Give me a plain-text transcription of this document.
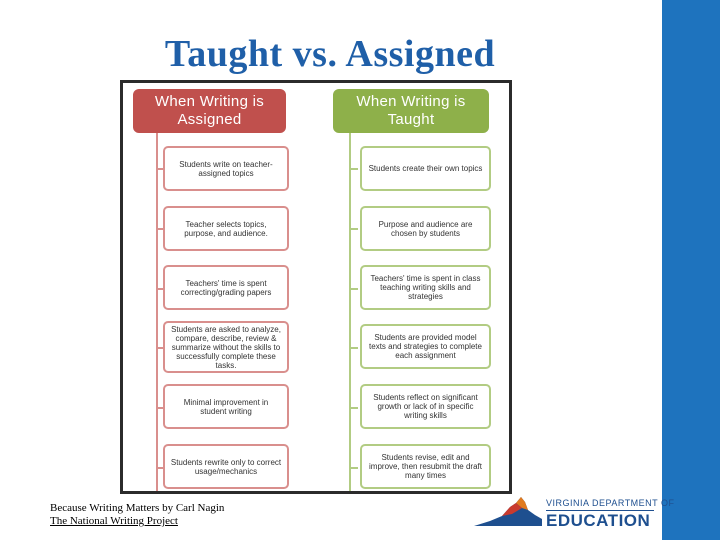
Taught vs. Assigned
When Writing is Assigned
When Writing is Taught
Students write on teacher-assigned topics
Teacher selects topics, purpose, and audience.
Teachers' time is spent correcting/grading papers
Students are asked to analyze, compare, describe, review & summarize without the skills to successfully complete these tasks.
Minimal improvement in student writing
Students rewrite only to correct usage/mechanics
Students create their own topics
Purpose and audience are chosen by students
Teachers' time is spent in class teaching writing skills and strategies
Students are provided model texts and strategies to complete each assignment
Students reflect on significant growth or lack of in specific writing skills
Students revise, edit and improve, then resubmit the draft many times
Because Writing Matters by Carl Nagin
The National Writing Project
VIRGINIA DEPARTMENT OF
EDUCATION
